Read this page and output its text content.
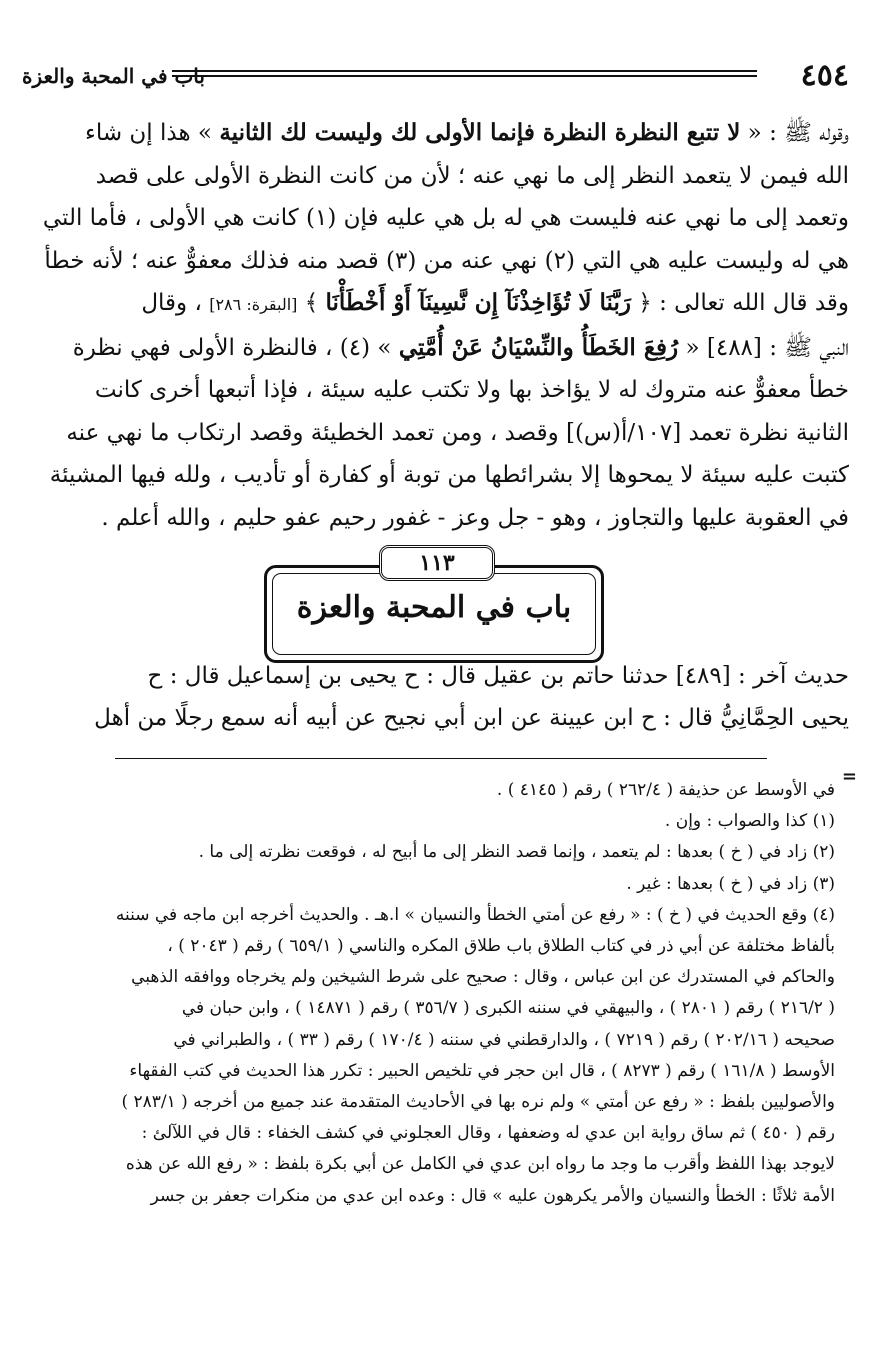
٤٥٤
باب في المحبة والعزة

وقوله ﷺ : « لا تتبع النظرة النظرة فإنما الأولى لك وليست لك الثانية » هذا إن شاء

الله فيمن لا يتعمد النظر إلى ما نهي عنه ؛ لأن من كانت النظرة الأولى على قصد

وتعمد إلى ما نهي عنه فليست هي له بل هي عليه فإن (١) كانت هي الأولى ، فأما التي

هي له وليست عليه هي التي (٢) نهي عنه من (٣) قصد منه فذلك معفوٌّ عنه ؛ لأنه خطأ

وقد قال الله تعالى : ﴿ رَبَّنَا لَا تُؤَاخِذْنَآ إِن نَّسِينَآ أَوْ أَخْطَأْنَا ﴾ [البقرة: ٢٨٦] ، وقال

النبي ﷺ : [٤٨٨] « رُفِعَ الخَطَأُ والنِّسْيَانُ عَنْ أُمَّتِي » (٤) ، فالنظرة الأولى فهي نظرة

خطأ معفوٌّ عنه متروك له لا يؤاخذ بها ولا تكتب عليه سيئة ، فإذا أتبعها أخرى كانت

الثانية نظرة تعمد [١٠٧/أ(س)] وقصد ، ومن تعمد الخطيئة وقصد ارتكاب ما نهي عنه

كتبت عليه سيئة لا يمحوها إلا بشرائطها من توبة أو كفارة أو تأديب ، ولله فيها المشيئة

في العقوبة عليها والتجاوز ، وهو - جل وعز - غفور رحيم عفو حليم ، والله أعلم .

١١٣
باب في المحبة والعزة
حديث آخر : [٤٨٩] حدثنا حاتم بن عقيل قال : ح يحيى بن إسماعيل قال : ح
يحيى الحِمَّانِيُّ قال : ح ابن عيينة عن ابن أبي نجيح عن أبيه أنه سمع رجلًا من أهل
=

في الأوسط عن حذيفة ( ٢٦٢/٤ ) رقم ( ٤١٤٥ ) .

(١) كذا والصواب : وإن .

(٢) زاد في ( خ ) بعدها : لم يتعمد ، وإنما قصد النظر إلى ما أبيح له ، فوقعت نظرته إلى ما .

(٣) زاد في ( خ ) بعدها : غير .

(٤) وقع الحديث في ( خ ) : « رفع عن أمتي الخطأ والنسيان » ا.هـ . والحديث أخرجه ابن ماجه في سننه

بألفاظ مختلفة عن أبي ذر في كتاب الطلاق باب طلاق المكره والناسي ( ٦٥٩/١ ) رقم ( ٢٠٤٣ ) ،

والحاكم في المستدرك عن ابن عباس ، وقال : صحيح على شرط الشيخين ولم يخرجاه ووافقه الذهبي

( ٢١٦/٢ ) رقم ( ٢٨٠١ ) ، والبيهقي في سننه الكبرى ( ٣٥٦/٧ ) رقم ( ١٤٨٧١ ) ، وابن حبان في

صحيحه ( ٢٠٢/١٦ ) رقم ( ٧٢١٩ ) ، والدارقطني في سننه ( ١٧٠/٤ ) رقم ( ٣٣ ) ، والطبراني في

الأوسط ( ١٦١/٨ ) رقم ( ٨٢٧٣ ) ، قال ابن حجر في تلخيص الحبير : تكرر هذا الحديث في كتب الفقهاء

والأصوليين بلفظ : « رفع عن أمتي » ولم نره بها في الأحاديث المتقدمة عند جميع من أخرجه ( ٢٨٣/١ )

رقم ( ٤٥٠ ) ثم ساق رواية ابن عدي له وضعفها ، وقال العجلوني في كشف الخفاء : قال في اللآلئ :

لايوجد بهذا اللفظ وأقرب ما وجد ما رواه ابن عدي في الكامل عن أبي بكرة بلفظ : « رفع الله عن هذه

الأمة ثلاثًا : الخطأ والنسيان والأمر يكرهون عليه » قال : وعده ابن عدي من منكرات جعفر بن جسر
